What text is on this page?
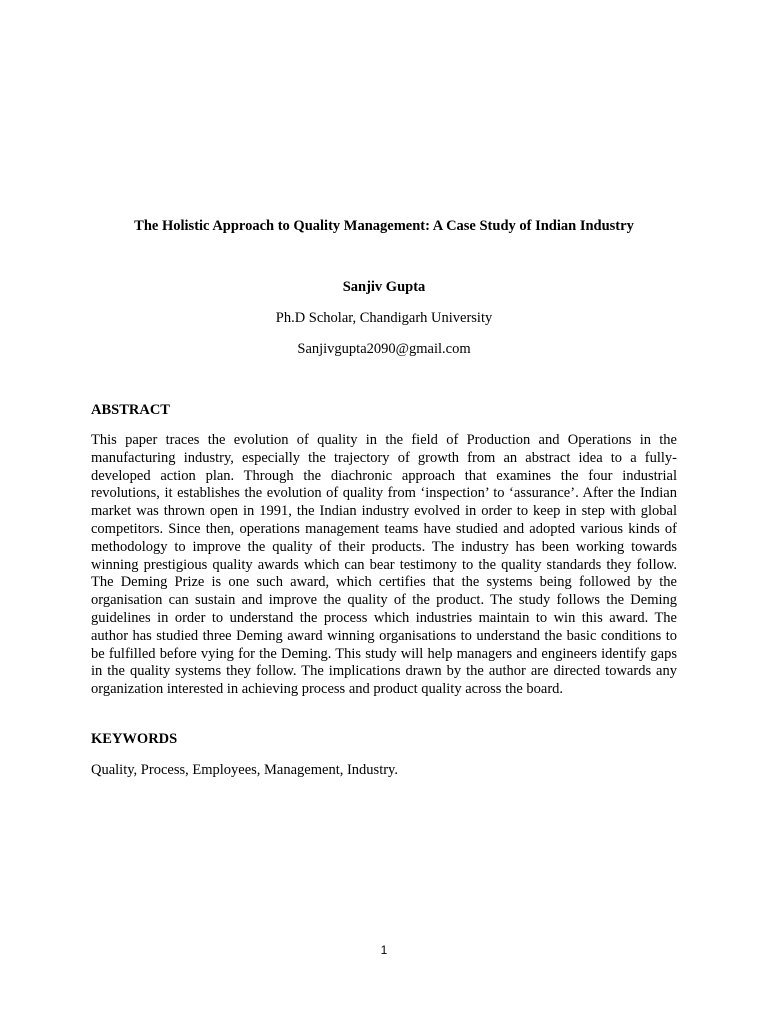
The Holistic Approach to Quality Management: A Case Study of Indian Industry

Sanjiv Gupta

Ph.D Scholar, Chandigarh University

Sanjivgupta2090@gmail.com

ABSTRACT

This paper traces the evolution of quality in the field of Production and Operations in the manufacturing industry, especially the trajectory of growth from an abstract idea to a fully-developed action plan. Through the diachronic approach that examines the four industrial revolutions, it establishes the evolution of quality from ‘inspection’ to ‘assurance’. After the Indian market was thrown open in 1991, the Indian industry evolved in order to keep in step with global competitors. Since then, operations management teams have studied and adopted various kinds of methodology to improve the quality of their products. The industry has been working towards winning prestigious quality awards which can bear testimony to the quality standards they follow. The Deming Prize is one such award, which certifies that the systems being followed by the organisation can sustain and improve the quality of the product. The study follows the Deming guidelines in order to understand the process which industries maintain to win this award. The author has studied three Deming award winning organisations to understand the basic conditions to be fulfilled before vying for the Deming. This study will help managers and engineers identify gaps in the quality systems they follow. The implications drawn by the author are directed towards any organization interested in achieving process and product quality across the board.

KEYWORDS

Quality, Process, Employees, Management, Industry.

1
